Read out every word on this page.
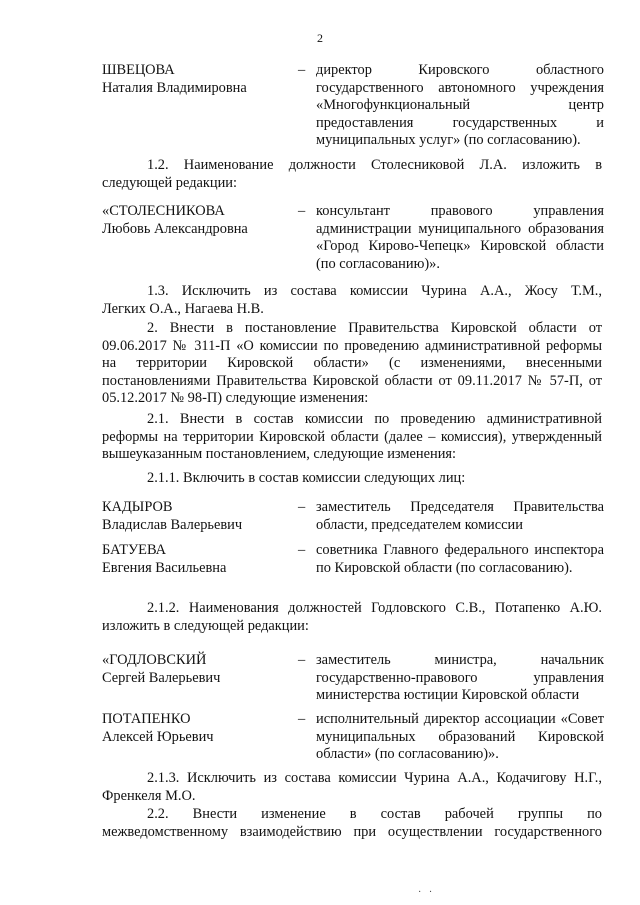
2
ШВЕЦОВА
Наталия Владимировна
– директор Кировского областного государственного автономного учреждения «Многофункциональный центр предоставления государственных и муниципальных услуг» (по согласованию).
1.2. Наименование должности Столесниковой Л.А. изложить в
следующей редакции:
«СТОЛЕСНИКОВА
Любовь Александровна
– консультант правового управления администрации муниципального образования «Город Кирово-Чепецк» Кировской области (по согласованию)».
1.3. Исключить из состава комиссии Чурина А.А., Жосу Т.М.,
Легких О.А., Нагаева Н.В.
2. Внести в постановление Правительства Кировской области от
09.06.2017 № 311-П «О комиссии по проведению административной реформы
на территории Кировской области» (с изменениями, внесенными
постановлениями Правительства Кировской области от 09.11.2017 № 57-П, от
05.12.2017 № 98-П) следующие изменения:
2.1. Внести в состав комиссии по проведению административной
реформы на территории Кировской области (далее – комиссия), утвержденный
вышеуказанным постановлением, следующие изменения:
2.1.1. Включить в состав комиссии следующих лиц:
КАДЫРОВ
Владислав Валерьевич
– заместитель Председателя Правительства области, председателем комиссии
БАТУЕВА
Евгения Васильевна
– советника Главного федерального инспектора по Кировской области (по согласованию).
2.1.2. Наименования должностей Годловского С.В., Потапенко А.Ю.
изложить в следующей редакции:
«ГОДЛОВСКИЙ
Сергей Валерьевич
– заместитель министра, начальник государственно-правового управления министерства юстиции Кировской области
ПОТАПЕНКО
Алексей Юрьевич
– исполнительный директор ассоциации «Совет муниципальных образований Кировской области» (по согласованию)».
2.1.3. Исключить из состава комиссии Чурина А.А., Кодачигову Н.Г.,
Френкеля М.О.
2.2. Внести изменение в состав рабочей группы по
межведомственному взаимодействию при осуществлении государственного
·   ·
